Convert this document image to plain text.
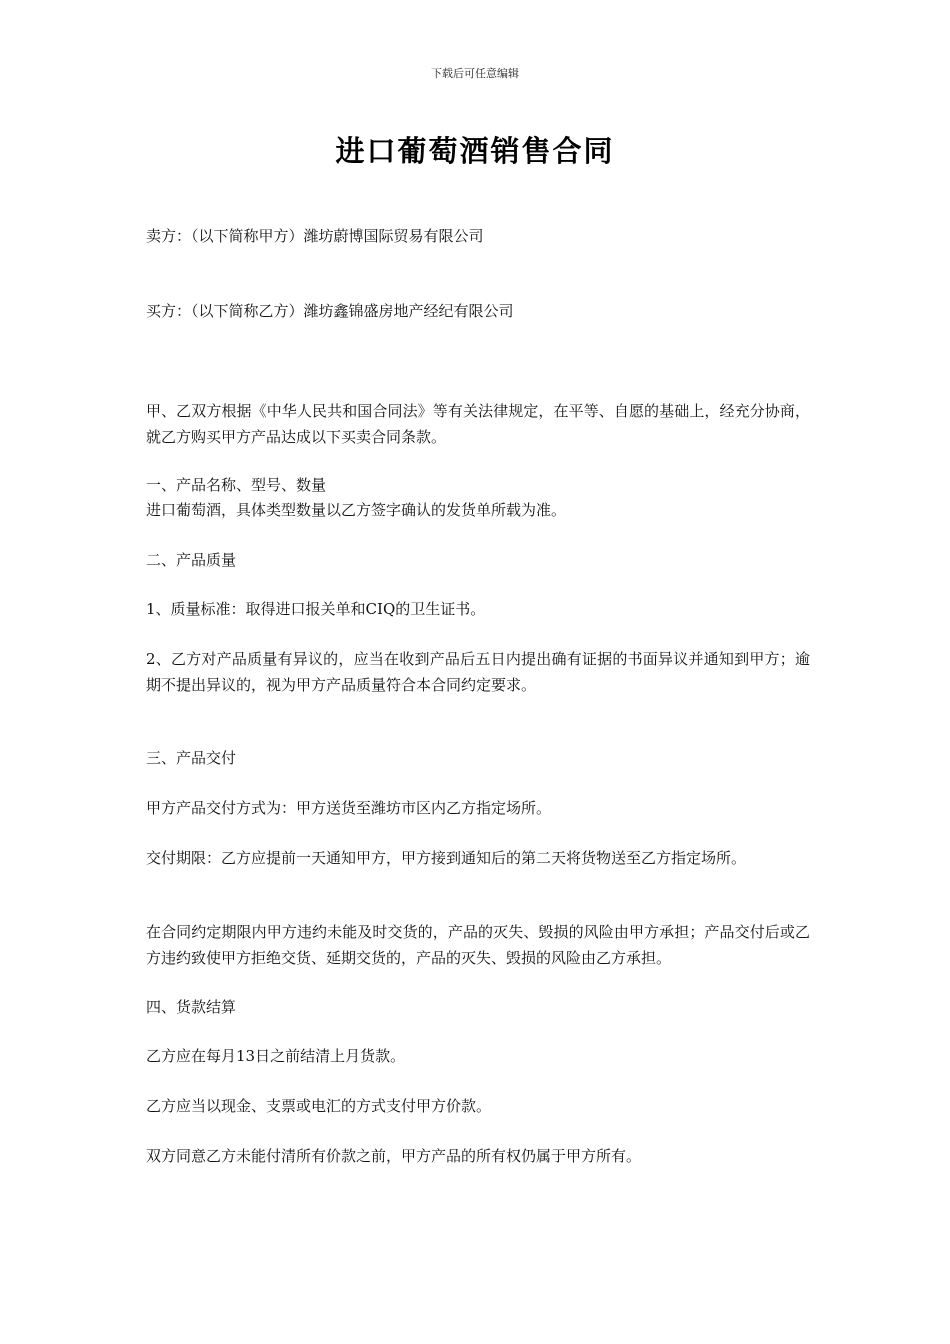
下载后可任意编辑
进口葡萄酒销售合同
卖方：（以下简称甲方）潍坊蔚博国际贸易有限公司
买方：（以下简称乙方）潍坊鑫锦盛房地产经纪有限公司
甲、乙双方根据《中华人民共和国合同法》等有关法律规定，在平等、自愿的基础上，经充分协商，就乙方购买甲方产品达成以下买卖合同条款。
一、产品名称、型号、数量
进口葡萄酒，具体类型数量以乙方签字确认的发货单所载为准。
二、产品质量
1、质量标准：取得进口报关单和CIQ的卫生证书。
2、乙方对产品质量有异议的，应当在收到产品后五日内提出确有证据的书面异议并通知到甲方；逾期不提出异议的，视为甲方产品质量符合本合同约定要求。
三、产品交付
甲方产品交付方式为：甲方送货至潍坊市区内乙方指定场所。
交付期限：乙方应提前一天通知甲方，甲方接到通知后的第二天将货物送至乙方指定场所。
在合同约定期限内甲方违约未能及时交货的，产品的灭失、毁损的风险由甲方承担；产品交付后或乙方违约致使甲方拒绝交货、延期交货的，产品的灭失、毁损的风险由乙方承担。
四、货款结算
乙方应在每月13日之前结清上月货款。
乙方应当以现金、支票或电汇的方式支付甲方价款。
双方同意乙方未能付清所有价款之前，甲方产品的所有权仍属于甲方所有。
